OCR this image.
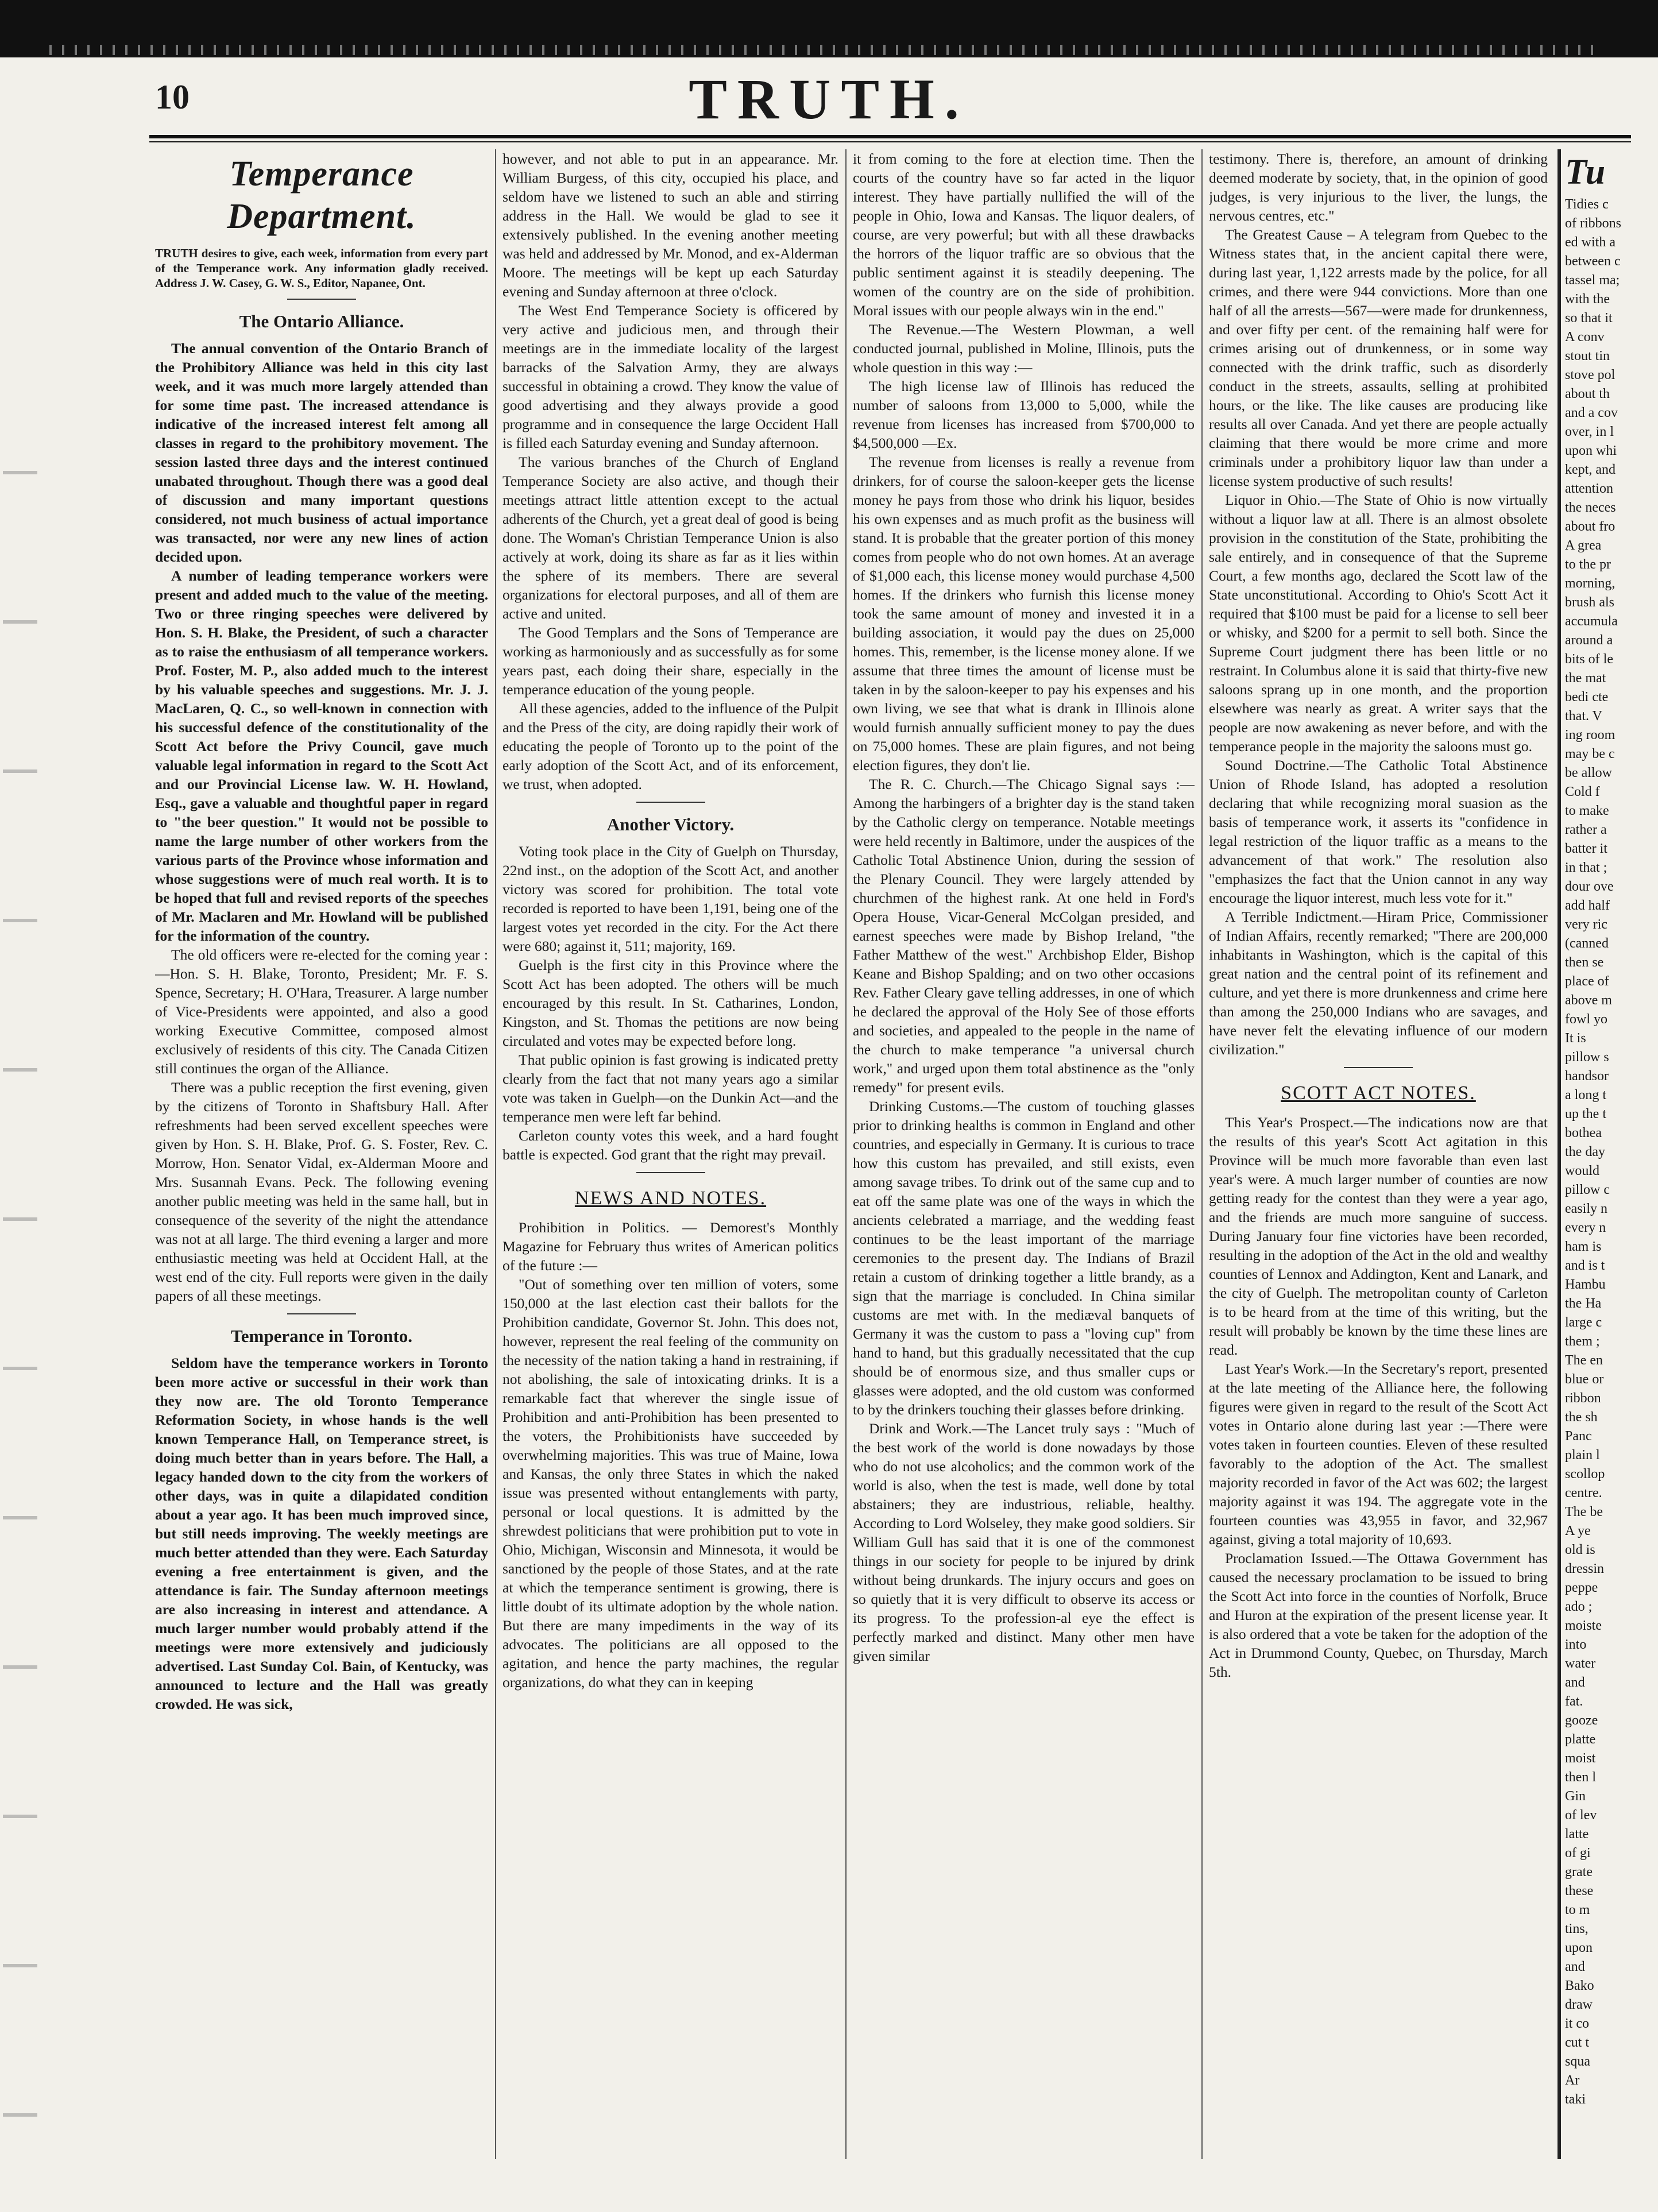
10	TRUTH.
Temperance Department.
TRUTH desires to give, each week, information from every part of the Temperance work. Any information gladly received. Address J. W. Casey, G. W. S., Editor, Napanee, Ont.
The Ontario Alliance.

The annual convention of the Ontario Branch of the Prohibitory Alliance was held in this city last week, and it was much more largely attended than for some time past. The increased attendance is indicative of the increased interest felt among all classes in regard to the prohibitory movement. The session lasted three days and the interest continued unabated throughout. Though there was a good deal of discussion and many important questions considered, not much business of actual importance was transacted, nor were any new lines of action decided upon.

A number of leading temperance workers were present and added much to the value of the meeting. Two or three ringing speeches were delivered by Hon. S. H. Blake, the President, of such a character as to raise the enthusiasm of all temperance workers. Prof. Foster, M. P., also added much to the interest by his valuable speeches and suggestions. Mr. J. J. MacLaren, Q. C., so well-known in connection with his successful defence of the constitutionality of the Scott Act before the Privy Council, gave much valuable legal information in regard to the Scott Act and our Provincial License law. W. H. Howland, Esq., gave a valuable and thoughtful paper in regard to "the beer question." It would not be possible to name the large number of other workers from the various parts of the Province whose information and whose suggestions were of much real worth. It is to be hoped that full and revised reports of the speeches of Mr. Maclaren and Mr. Howland will be published for the information of the country.

The old officers were re-elected for the coming year :—Hon. S. H. Blake, Toronto, President; Mr. F. S. Spence, Secretary; H. O'Hara, Treasurer. A large number of Vice-Presidents were appointed, and also a good working Executive Committee, composed almost exclusively of residents of this city. The Canada Citizen still continues the organ of the Alliance.

There was a public reception the first evening, given by the citizens of Toronto in Shaftsbury Hall. After refreshments had been served excellent speeches were given by Hon. S. H. Blake, Prof. G. S. Foster, Rev. C. Morrow, Hon. Senator Vidal, ex-Alderman Moore and Mrs. Susannah Evans. Peck. The following evening another public meeting was held in the same hall, but in consequence of the severity of the night the attendance was not at all large. The third evening a larger and more enthusiastic meeting was held at Occident Hall, at the west end of the city. Full reports were given in the daily papers of all these meetings.

Temperance in Toronto.

Seldom have the temperance workers in Toronto been more active or successful in their work than they now are. The old Toronto Temperance Reformation Society, in whose hands is the well known Temperance Hall, on Temperance street, is doing much better than in years before. The Hall, a legacy handed down to the city from the workers of other days, was in quite a dilapidated condition about a year ago. It has been much improved since, but still needs improving. The weekly meetings are much better attended than they were. Each Saturday evening a free entertainment is given, and the attendance is fair. The Sunday afternoon meetings are also increasing in interest and attendance. A much larger number would probably attend if the meetings were more extensively and judiciously advertised. Last Sunday Col. Bain, of Kentucky, was announced to lecture and the Hall was greatly crowded. He was sick,

however, and not able to put in an appearance. Mr. William Burgess, of this city, occupied his place, and seldom have we listened to such an able and stirring address in the Hall. We would be glad to see it extensively published. In the evening another meeting was held and addressed by Mr. Monod, and ex-Alderman Moore. The meetings will be kept up each Saturday evening and Sunday afternoon at three o'clock.

The West End Temperance Society is officered by very active and judicious men, and through their meetings are in the immediate locality of the largest barracks of the Salvation Army, they are always successful in obtaining a crowd. They know the value of good advertising and they always provide a good programme and in consequence the large Occident Hall is filled each Saturday evening and Sunday afternoon.

The various branches of the Church of England Temperance Society are also active, and though their meetings attract little attention except to the actual adherents of the Church, yet a great deal of good is being done. The Woman's Christian Temperance Union is also actively at work, doing its share as far as it lies within the sphere of its members. There are several organizations for electoral purposes, and all of them are active and united.

The Good Templars and the Sons of Temperance are working as harmoniously and as successfully as for some years past, each doing their share, especially in the temperance education of the young people.

All these agencies, added to the influence of the Pulpit and the Press of the city, are doing rapidly their work of educating the people of Toronto up to the point of the early adoption of the Scott Act, and of its enforcement, we trust, when adopted.

Another Victory.

Voting took place in the City of Guelph on Thursday, 22nd inst., on the adoption of the Scott Act, and another victory was scored for prohibition. The total vote recorded is reported to have been 1,191, being one of the largest votes yet recorded in the city. For the Act there were 680; against it, 511; majority, 169.

Guelph is the first city in this Province where the Scott Act has been adopted. The others will be much encouraged by this result. In St. Catharines, London, Kingston, and St. Thomas the petitions are now being circulated and votes may be expected before long.

That public opinion is fast growing is indicated pretty clearly from the fact that not many years ago a similar vote was taken in Guelph—on the Dunkin Act—and the temperance men were left far behind.

Carleton county votes this week, and a hard fought battle is expected. God grant that the right may prevail.

NEWS AND NOTES.

Prohibition in Politics. — Demorest's Monthly Magazine for February thus writes of American politics of the future :—

"Out of something over ten million of voters, some 150,000 at the last election cast their ballots for the Prohibition candidate, Governor St. John. This does not, however, represent the real feeling of the community on the necessity of the nation taking a hand in restraining, if not abolishing, the sale of intoxicating drinks. It is a remarkable fact that wherever the single issue of Prohibition and anti-Prohibition has been presented to the voters, the Prohibitionists have succeeded by overwhelming majorities. This was true of Maine, Iowa and Kansas, the only three States in which the naked issue was presented without entanglements with party, personal or local questions. It is admitted by the shrewdest politicians that were prohibition put to vote in Ohio, Michigan, Wisconsin and Minnesota, it would be sanctioned by the people of those States, and at the rate at which the temperance sentiment is growing, there is little doubt of its ultimate adoption by the whole nation. But there are many impediments in the way of its advocates. The politicians are all opposed to the agitation, and hence the party machines, the regular organizations, do what they can in keeping

it from coming to the fore at election time. Then the courts of the country have so far acted in the liquor interest. They have partially nullified the will of the people in Ohio, Iowa and Kansas. The liquor dealers, of course, are very powerful; but with all these drawbacks the horrors of the liquor traffic are so obvious that the public sentiment against it is steadily deepening. The women of the country are on the side of prohibition. Moral issues with our people always win in the end."

The Revenue.—The Western Plowman, a well conducted journal, published in Moline, Illinois, puts the whole question in this way :—

The high license law of Illinois has reduced the number of saloons from 13,000 to 5,000, while the revenue from licenses has increased from $700,000 to $4,500,000 —Ex.

The revenue from licenses is really a revenue from drinkers, for of course the saloon-keeper gets the license money he pays from those who drink his liquor, besides his own expenses and as much profit as the business will stand. It is probable that the greater portion of this money comes from people who do not own homes. At an average of $1,000 each, this license money would purchase 4,500 homes. If the drinkers who furnish this license money took the same amount of money and invested it in a building association, it would pay the dues on 25,000 homes. This, remember, is the license money alone. If we assume that three times the amount of license must be taken in by the saloon-keeper to pay his expenses and his own living, we see that what is drank in Illinois alone would furnish annually sufficient money to pay the dues on 75,000 homes. These are plain figures, and not being election figures, they don't lie.

The R. C. Church.—The Chicago Signal says :—Among the harbingers of a brighter day is the stand taken by the Catholic clergy on temperance. Notable meetings were held recently in Baltimore, under the auspices of the Catholic Total Abstinence Union, during the session of the Plenary Council. They were largely attended by churchmen of the highest rank. At one held in Ford's Opera House, Vicar-General McColgan presided, and earnest speeches were made by Bishop Ireland, "the Father Matthew of the west." Archbishop Elder, Bishop Keane and Bishop Spalding; and on two other occasions Rev. Father Cleary gave telling addresses, in one of which he declared the approval of the Holy See of those efforts and societies, and appealed to the people in the name of the church to make temperance "a universal church work," and urged upon them total abstinence as the "only remedy" for present evils.

Drinking Customs.—The custom of touching glasses prior to drinking healths is common in England and other countries, and especially in Germany. It is curious to trace how this custom has prevailed, and still exists, even among savage tribes. To drink out of the same cup and to eat off the same plate was one of the ways in which the ancients celebrated a marriage, and the wedding feast continues to be the least important of the marriage ceremonies to the present day. The Indians of Brazil retain a custom of drinking together a little brandy, as a sign that the marriage is concluded. In China similar customs are met with. In the mediæval banquets of Germany it was the custom to pass a "loving cup" from hand to hand, but this gradually necessitated that the cup should be of enormous size, and thus smaller cups or glasses were adopted, and the old custom was conformed to by the drinkers touching their glasses before drinking.

Drink and Work.—The Lancet truly says : "Much of the best work of the world is done nowadays by those who do not use alcoholics; and the common work of the world is also, when the test is made, well done by total abstainers; they are industrious, reliable, healthy. According to Lord Wolseley, they make good soldiers. Sir William Gull has said that it is one of the commonest things in our society for people to be injured by drink without being drunkards. The injury occurs and goes on so quietly that it is very difficult to observe its access or its progress. To the profession-al eye the effect is perfectly marked and distinct. Many other men have given similar

testimony. There is, therefore, an amount of drinking deemed moderate by society, that, in the opinion of good judges, is very injurious to the liver, the lungs, the nervous centres, etc."

The Greatest Cause – A telegram from Quebec to the Witness states that, in the ancient capital there were, during last year, 1,122 arrests made by the police, for all crimes, and there were 944 convictions. More than one half of all the arrests—567—were made for drunkenness, and over fifty per cent. of the remaining half were for crimes arising out of drunkenness, or in some way connected with the drink traffic, such as disorderly conduct in the streets, assaults, selling at prohibited hours, or the like. The like causes are producing like results all over Canada. And yet there are people actually claiming that there would be more crime and more criminals under a prohibitory liquor law than under a license system productive of such results!

Liquor in Ohio.—The State of Ohio is now virtually without a liquor law at all. There is an almost obsolete provision in the constitution of the State, prohibiting the sale entirely, and in consequence of that the Supreme Court, a few months ago, declared the Scott law of the State unconstitutional. According to Ohio's Scott Act it required that $100 must be paid for a license to sell beer or whisky, and $200 for a permit to sell both. Since the Supreme Court judgment there has been little or no restraint. In Columbus alone it is said that thirty-five new saloons sprang up in one month, and the proportion elsewhere was nearly as great. A writer says that the people are now awakening as never before, and with the temperance people in the majority the saloons must go.

Sound Doctrine.—The Catholic Total Abstinence Union of Rhode Island, has adopted a resolution declaring that while recognizing moral suasion as the basis of temperance work, it asserts its "confidence in legal restriction of the liquor traffic as a means to the advancement of that work." The resolution also "emphasizes the fact that the Union cannot in any way encourage the liquor interest, much less vote for it."

A Terrible Indictment.—Hiram Price, Commissioner of Indian Affairs, recently remarked; "There are 200,000 inhabitants in Washington, which is the capital of this great nation and the central point of its refinement and culture, and yet there is more drunkenness and crime here than among the 250,000 Indians who are savages, and have never felt the elevating influence of our modern civilization."

SCOTT ACT NOTES.

This Year's Prospect.—The indications now are that the results of this year's Scott Act agitation in this Province will be much more favorable than even last year's were. A much larger number of counties are now getting ready for the contest than they were a year ago, and the friends are much more sanguine of success. During January four fine victories have been recorded, resulting in the adoption of the Act in the old and wealthy counties of Lennox and Addington, Kent and Lanark, and the city of Guelph. The metropolitan county of Carleton is to be heard from at the time of this writing, but the result will probably be known by the time these lines are read.

Last Year's Work.—In the Secretary's report, presented at the late meeting of the Alliance here, the following figures were given in regard to the result of the Scott Act votes in Ontario alone during last year :—There were votes taken in fourteen counties. Eleven of these resulted favorably to the adoption of the Act. The smallest majority recorded in favor of the Act was 602; the largest majority against it was 194. The aggregate vote in the fourteen counties was 43,955 in favor, and 32,967 against, giving a total majority of 10,693.

Proclamation Issued.—The Ottawa Government has caused the necessary proclamation to be issued to bring the Scott Act into force in the counties of Norfolk, Bruce and Huron at the expiration of the present license year. It is also ordered that a vote be taken for the adoption of the Act in Drummond County, Quebec, on Thursday, March 5th.

Tu
Tidies c
of ribbons
ed with a
between c
tassel ma;
with the
so that it
A conv
stout tin
stove pol
about th
and a cov
over, in l
upon whi
kept, and
attention
the neces
about fro
A grea
to the pr
morning,
brush als
accumula
around a
bits of le
the mat
bedi cte
that. V
ing room
may be c
be allow
Cold f
to make
rather a
batter it
in that ;
dour ove
add half
very ric
(canned
then se
place of
above m
fowl yo
It is
pillow s
handsor
a long t
up the t
bothea
the day
would
pillow c
easily n
every n
ham is
and is t
Hambu
the Ha
large c
them ;
The en
blue or
ribbon
the sh
Panc
plain l
scollop
centre.
The be
A ye
old is
dressin
peppe
ado ;
moiste
into
water
and
fat.
gooze
platte
moist
then l
Gin
of lev
latte
of gi
grate
these
to m
tins,
upon
and
Bako
draw
it co
cut t
squa
Ar
taki
